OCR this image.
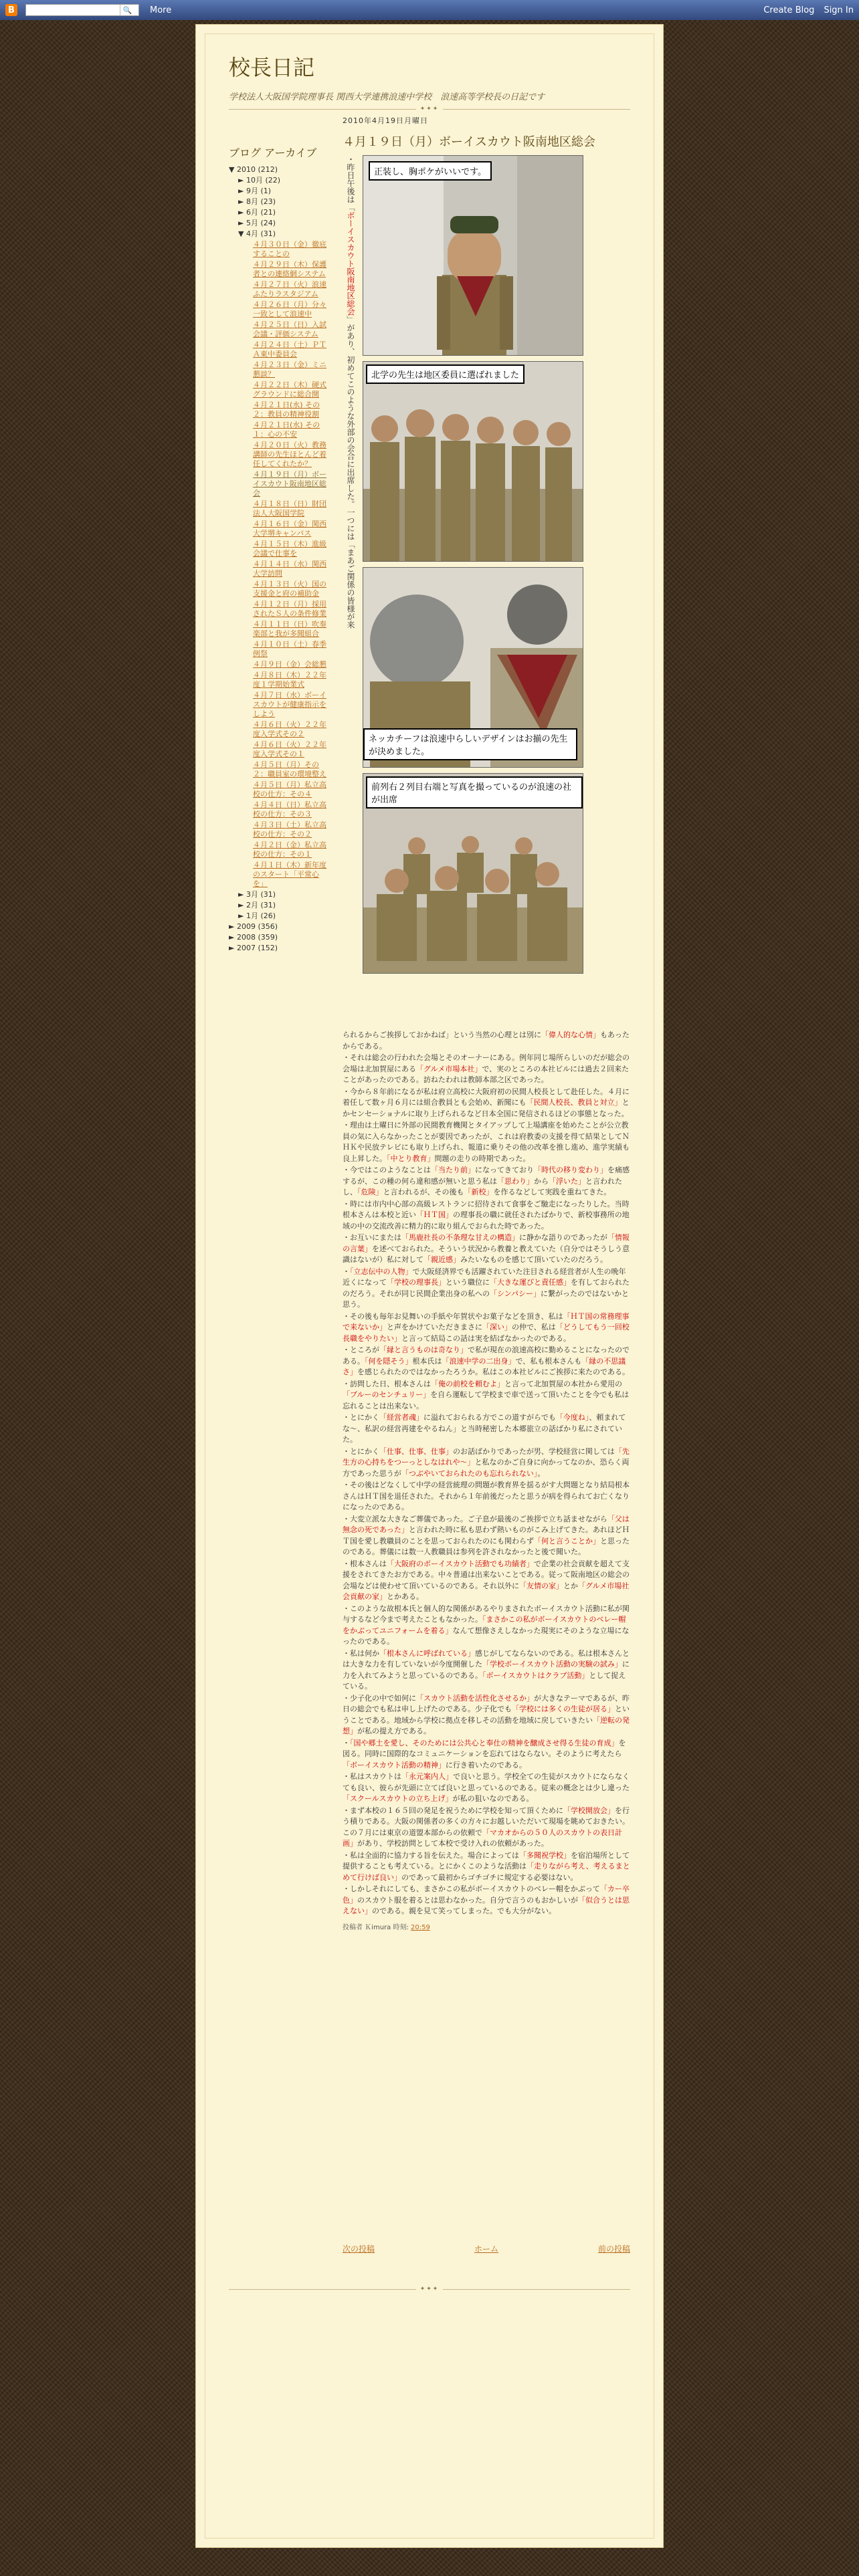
B	🔍 More	Create Blog Sign In
校長日記
学校法人大阪国学院理事長 関西大学連携浪速中学校　浪速高等学校長の日記です
✦✦✦
ブログ アーカイブ
▼ 2010 (212)
► 10月 (22)
► 9月 (1)
► 8月 (23)
► 6月 (21)
► 5月 (24)
▼ 4月 (31)
４月３０日（金）徹底することの
４月２９日（木）保護者との連絡網システム
４月２７日（火）浪速ふたりラスタジアム
４月２６日（月）分々一致として浪速中
４月２５日（日）入試会議・評価システム
４月２４日（土）ＰＴＡ東中委員会
４月２３日（金）ミニ懇談？
４月２２日（木）硬式グラウンドに総合開
４月２１日(水) その２：教員の精神役割
４月２１日(水) その１：心の不安
４月２０日（火）教務講師の先生ほとんど着任してくれたか？
４月１９日（月）ボーイスカウト阪南地区総会
４月１８日（日）財団法人大阪国学院
４月１６日（金）関西大学堺キャンパス
４月１５日（木）進級会議で仕事を
４月１４日（水）関西大学訪問
４月１３日（火）国の支援金と府の補助金
４月１２日（月）採用されたＳ人の条件修業
４月１１日（日）吹奏楽部と我が多聞組合
４月１０日（土）春季例祭
４月９日（金）会総懇
４月８日（木）２２年度１学期始業式
４月７日（水）ボーイスカウトが健康指示をしよう
４月６日（火）２２年度入学式その２
４月６日（火）２２年度入学式その１
４月５日（月）その２：職員室の環境整え
４月５日（月）私立高校の仕方：その４
４月４日（日）私立高校の仕方：その３
４月３日（土）私立高校の仕方：その２
４月２日（金）私立高校の仕方：その１
４月１日（木）新年度のスタート「平常心を」
► 3月 (31)
► 2月 (31)
► 1月 (26)
► 2009 (356)
► 2008 (359)
► 2007 (152)
2010年4月19日月曜日
４月１９日（月）ボーイスカウト阪南地区総会
・昨日午後は「ボーイスカウト阪南地区総会」があり、初めてこのような外部の会合に出席した。一つには「まあご関係の皆様が来
正装し、胸ポケがいいです。
北学の先生は地区委員に選ばれました
ネッカチーフは浪速中らしいデザインはお揃の先生が決めました。
前列右２列目右端と写真を撮っているのが浪速の社が出席

られるからご挨拶しておかねば」という当然の心理とは別に「偉人的な心情」もあったからである。

・それは総会の行われた会場とそのオーナーにある。例年同じ場所らしいのだが総会の会場は北加賀屋にある「グルメ市場本社」で、実のところの本社ビルには過去２回来たことがあったのである。訪ねたわれは教師本部之区であった。

・今から８年前になるが私は府立高校に大阪府初の民間人校長として赴任した。４月に着任して数ヶ月６月には組合教員とも会始め、新聞にも「民間人校長、教員と対立」とかセンセーショナルに取り上げられるなど日本全国に発信されるほどの事態となった。

・理由は土曜日に外部の民間教育機関とタイアップして上場講座を始めたことが公立教員の気に入らなかったことが要因であったが、これは府教委の支援を得て結果としてＮＨＫや民放テレビにも取り上げられ、報道に乗りその他の改革を推し進め、進学実績も良上昇した。「中とり教育」問題の走りの時期であった。

・今ではこのようなことは「当たり前」になってきており「時代の移り変わり」を痛感するが、この種の何ら違和感が無いと思う私は「思わり」から「浮いた」と言われたし、「危険」と言われるが、その後も「新校」を作るなどして実践を重ねてきた。

・時には市内中心部の高級レストランに招待されて食事をご馳走になったりした。当時根本さんは本校と近い「ＨＴ国」の理事長の職に就任されたばかりで、新校事務所の地域の中の交流改善に精力的に取り組んでおられた時であった。

・お互いにまたは「馬鹿社長の不条理な甘えの構造」に静かな語りのであったが「情報の言葉」を述べておられた。そういう状況から教養と教えていた（自分ではそうしう意識はないが）私に対して「親近感」みたいなものを感じて頂いていたのだろう。

・「立志伝中の人物」で大阪経済界でも活躍されていた注目される経営者が人生の晩年近くになって「学校の理事長」という職位に「大きな運びと責任感」を有しておられたのだろう。それが同じ民間企業出身の私への「シンパシー」に繋がったのではないかと思う。

・その後も毎年お見舞いの手紙や年賀状やお菓子などを頂き、私は「ＨＴ国の常務理事で来ないか」と声をかけていただきまさに「深い」の仲で、私は「どうしてもう一回校長職をやりたい」と言って結局この話は実を結ばなかったのである。

・ところが「縁と言うものは奇なり」で私が現在の浪速高校に勤めることになったのである。「何を隠そう」根本氏は「浪速中学の二出身」で、私も根本さんも「縁の不思議さ」を感じられたのではなかったろうか。私はこの本社ビルにご挨拶に来たのである。

・訪問した日、根本さんは「俺の前校を頼むよ」と言って北加賀屋の本社から愛用の「ブルーのセンチュリー」を自ら運転して学校まで車で送って頂いたことを今でも私は忘れることは出来ない。

・とにかく「経営者魂」に溢れておられる方でこの道すがらでも「今度ね」、頼まれてな〜、私訳の経営再建をやるねん」と当時秘密した本郷旅立の話ばかり私にされていた。

・とにかく「仕事、仕事、仕事」のお話ばかりであったが男、学校経営に関しては「先生方の心持ちをつーっとしなはれや〜」と私なのかご自身に向かってなのか、恐らく両方であった思うが「つぶやいておられたのも忘れられない」。

・その後はどなくして中学の経営統理の問題が教育界を揺るがす大問題となり結局根本さんはＨＴ国を退任された。それから１年前後だったと思うが病を得られてお亡くなりになったのである。

・大変立派な大きなご葬儀であった。ご子息が最後のご挨拶で立ち話ませながら「父は無念の死であった」と言われた時に私も思わず熱いものがこみ上げてきた。あれほどＨＴ国を愛し教職員のことを思っておられたのにも関わらず「何と言うことか」と思ったのである。葬儀には数一人教職員は参列を許されなかったと後で聞いた。

・根本さんは「大阪府のボーイスカウト活動でも功績者」で企業の社会貢献を超えて支援をされてきたお方である。中々普通は出来ないことである。従って阪南地区の総会の会場などは使わせて頂いているのである。それ以外に「友情の家」とか「グルメ市場社会貢献の家」とかある。

・このような故根本氏と個人的な関係があるやりまされたボーイスカウト活動に私が関与するなど今まで考えたこともなかった。「まさかこの私がボーイスカウトのベレー帽をかぶってユニフォームを着る」なんて想像さえしなかった現実にそのような立場になったのである。

・私は何か「根本さんに呼ばれている」感じがしてならないのである。私は根本さんとは大きな力を有していないが今度開催した「学校ボーイスカウト活動の実験の試み」に力を入れてみようと思っているのである。「ボーイスカウトはクラブ活動」として捉えている。

・少子化の中で如何に「スカウト活動を活性化させるか」が大きなテーマであるが、昨日の総会でも私は申し上げたのである。少子化でも「学校には多くの生徒が居る」ということである。地域から学校に拠点を移しその活動を地域に戻していきたい「逆転の発想」が私の提え方である。

・「国や郷土を愛し、そのためには公共心と奉仕の精神を醸成させ得る生徒の育成」を図る。同時に国際的なコミュニケーションを忘れてはならない。そのように考えたら「ボーイスカウト活動の精神」に行き着いたのである。

・私はスカウトは「永元案内人」で良いと思う。学校全ての生徒がスカウトにならなくても良い、彼らが先頭に立てば良いと思っているのである。従来の概念とは少し違った「スクールスカウトの立ち上げ」が私の狙いなのである。

・まず本校の１６５回の発足を祝うために学校を知って頂くために「学校開放会」を行う積りである。大阪の関係者の多くの方々にお越しいただいて現場を眺めておきたい。この７月には東京の道盟本部からの依頼で「マカオからの５０人のスカウトの表日計画」があり、学校訪問として本校で受け入れの依頼があった。

・私は全面的に協力する旨を伝えた。場合によっては「多聞祝学校」を宿泊場所として提供することも考えている。とにかくこのような活動は「走りながら考え、考えるまとめて行けば良い」のであって最初からゴチゴチに規定する必要はない。

・しかしそれにしても、まさかこの私がボーイスカウトのベレー帽をかぶって「カー卒色」のスカウト服を着るとは思わなかった。自分で言うのもおかしいが「似合うとは思えない」のである。親を見て笑ってしまった。でも大分がない。

投稿者 Ｋimura 時刻: 20:59
次の投稿	ホーム	前の投稿
✦✦✦
